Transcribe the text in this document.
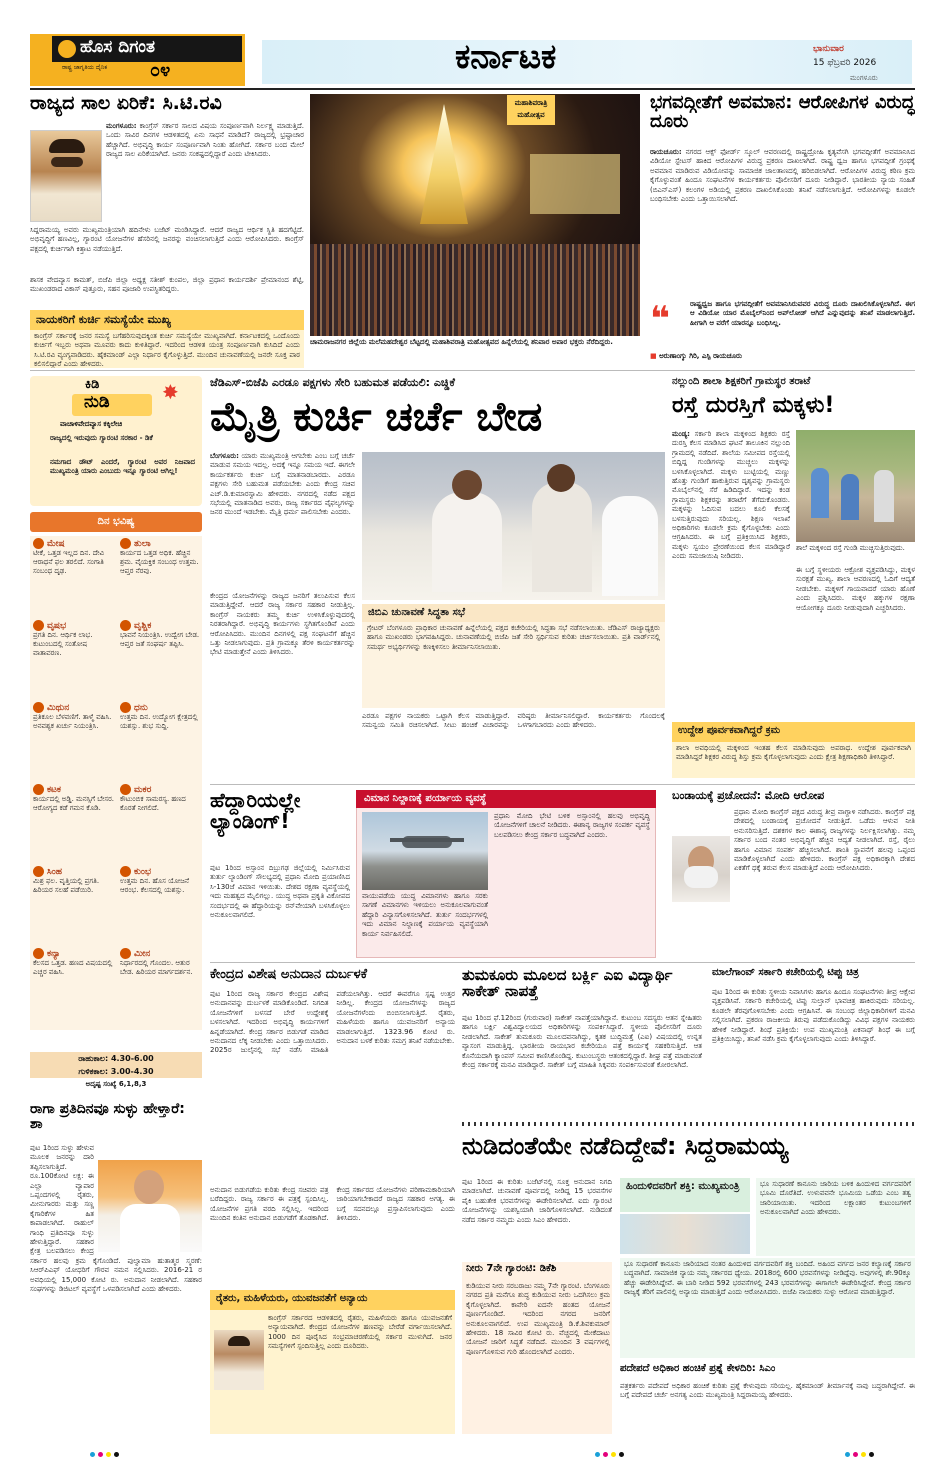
ಹೊಸ ದಿಗಂತ
ರಾಷ್ಟ್ರ ಜಾಗೃತಿಯ ದೈನಿಕ ೦೪	ಕರ್ನಾಟಕ	ಭಾನುವಾರ
15 ಫೆಬ್ರವರಿ 2026
ಮಂಗಳೂರು
ರಾಜ್ಯದ ಸಾಲ ಏರಿಕೆ: ಸಿ.ಟಿ.ರವಿ
ಮಂಗಳೂರು: ಕಾಂಗ್ರೆಸ್ ಸರ್ಕಾರ ಸಾಲದ ವಿಷಯ ಸಂಪೂರ್ಣವಾಗಿ ನಿರ್ಲಕ್ಷ್ಯ ಮಾಡುತ್ತಿದೆ. ಒಂದು ಸಾವಿರ ದಿನಗಳ ಆಡಳಿತದಲ್ಲಿ ಏನು ಸಾಧನೆ ಮಾಡಿದೆ? ರಾಜ್ಯದಲ್ಲಿ ಭ್ರಷ್ಟಾಚಾರ ಹೆಚ್ಚಾಗಿದೆ. ಅಭಿವೃದ್ಧಿ ಕಾರ್ಯ ಸಂಪೂರ್ಣವಾಗಿ ನಿಂತು ಹೋಗಿದೆ. ಸರ್ಕಾರ ಬಂದ ಮೇಲೆ ರಾಜ್ಯದ ಸಾಲ ಏರಿಕೆಯಾಗಿದೆ. ಜನರು ಸಂಕಷ್ಟದಲ್ಲಿದ್ದಾರೆ ಎಂದು ಟೀಕಿಸಿದರು.
ಸಿದ್ದರಾಮಯ್ಯ ಅವರು ಮುಖ್ಯಮಂತ್ರಿಯಾಗಿ ಹದಿನೇಳು ಬಜೆಟ್ ಮಂಡಿಸಿದ್ದಾರೆ. ಆದರೆ ರಾಜ್ಯದ ಆರ್ಥಿಕ ಸ್ಥಿತಿ ಹದಗೆಟ್ಟಿದೆ. ಅಭಿವೃದ್ಧಿಗೆ ಹಣವಿಲ್ಲ, ಗ್ಯಾರಂಟಿ ಯೋಜನೆಗಳ ಹೆಸರಿನಲ್ಲಿ ಜನರನ್ನು ವಂಚಿಸಲಾಗುತ್ತಿದೆ ಎಂದು ಆರೋಪಿಸಿದರು. ಕಾಂಗ್ರೆಸ್ ಪಕ್ಷದಲ್ಲಿ ಕುರ್ಚಿಗಾಗಿ ಕಿತ್ತಾಟ ನಡೆಯುತ್ತಿದೆ.
ಶಾಸಕ ವೇದವ್ಯಾಸ ಕಾಮತ್, ಬಿಜೆಪಿ ಜಿಲ್ಲಾ ಅಧ್ಯಕ್ಷ ಸತೀಶ್ ಕುಂಪಲ, ಜಿಲ್ಲಾ ಪ್ರಧಾನ ಕಾರ್ಯದರ್ಶಿ ಪ್ರೇಮಾನಂದ ಶೆಟ್ಟಿ, ಮುಖಂಡರಾದ ವಿಕಾಸ್ ಪುತ್ತೂರು, ಸಹನ ಪೂಜಾರಿ ಉಪಸ್ಥಿತರಿದ್ದರು.
ನಾಯಕರಿಗೆ ಕುರ್ಚಿ ಸಮಸ್ಯೆಯೇ ಮುಖ್ಯ
ಕಾಂಗ್ರೆಸ್ ಸರ್ಕಾರಕ್ಕೆ ಜನರ ಸಮಸ್ಯೆ ಬಗೆಹರಿಸುವುದಕ್ಕಿಂತ ಕುರ್ಚಿ ಸಮಸ್ಯೆಯೇ ಮುಖ್ಯವಾಗಿದೆ. ಕರ್ನಾಟಕದಲ್ಲಿ ಒಂದೊಂದು ಕುರ್ಚಿಗೆ ಇಬ್ಬರು ಅಥವಾ ಮೂವರು ಕಾದು ಕುಳಿತಿದ್ದಾರೆ. ಇದರಿಂದ ಆಡಳಿತ ಯಂತ್ರ ಸಂಪೂರ್ಣವಾಗಿ ಕುಸಿದಿದೆ ಎಂದು ಸಿ.ಟಿ.ರವಿ ವ್ಯಂಗ್ಯವಾಡಿದರು. ಹೈಕಮಾಂಡ್ ಎಲ್ಲಾ ನಿರ್ಧಾರ ಕೈಗೊಳ್ಳುತ್ತಿದೆ. ಮುಂದಿನ ಚುನಾವಣೆಯಲ್ಲಿ ಜನರೇ ಸೂಕ್ತ ಪಾಠ ಕಲಿಸಲಿದ್ದಾರೆ ಎಂದು ಹೇಳಿದರು.
ಮಹಾಶಿವರಾತ್ರಿ ಮಹೋತ್ಸವ
ಚಾಮರಾಜನಗರ ಜಿಲ್ಲೆಯ ಮಲೆಮಹದೇಶ್ವರ ಬೆಟ್ಟದಲ್ಲಿ ಮಹಾಶಿವರಾತ್ರಿ ಮಹೋತ್ಸವದ ಹಿನ್ನೆಲೆಯಲ್ಲಿ ಶನಿವಾರ ಅಪಾರ ಭಕ್ತರು ನೆರೆದಿದ್ದರು.
ಭಗವದ್ಗೀತೆಗೆ ಅವಮಾನ: ಆರೋಪಿಗಳ ವಿರುದ್ಧ ದೂರು
ರಾಯಚೂರು: ನಗರದ ಆಕ್ಸ್ ಫೋರ್ಡ್ ಸ್ಕೂಲ್ ಆವರಣದಲ್ಲಿ ರಾಷ್ಟ್ರದ್ರೋಹಿ ಕೃತ್ಯವೆಸಗಿ ಭಗವದ್ಗೀತೆಗೆ ಅವಮಾನಿಸಿದ ವಿಡಿಯೋ ಸ್ಟೇಟಸ್ ಹಾಕಿದ ಆರೋಪಿಗಳ ವಿರುದ್ಧ ಪ್ರಕರಣ ದಾಖಲಾಗಿದೆ. ರಾಷ್ಟ್ರ ಧ್ವಜ ಹಾಗೂ ಭಗವದ್ಗೀತೆ ಗ್ರಂಥಕ್ಕೆ ಅವಮಾನ ಮಾಡಿರುವ ವಿಡಿಯೋವನ್ನು ಸಾಮಾಜಿಕ ಜಾಲತಾಣದಲ್ಲಿ ಹರಿಬಿಡಲಾಗಿದೆ. ಆರೋಪಿಗಳ ವಿರುದ್ಧ ಕಠಿಣ ಕ್ರಮ ಕೈಗೊಳ್ಳುವಂತೆ ಹಿಂದೂ ಸಂಘಟನೆಗಳ ಕಾರ್ಯಕರ್ತರು ಪೊಲೀಸರಿಗೆ ದೂರು ನೀಡಿದ್ದಾರೆ. ಭಾರತೀಯ ನ್ಯಾಯ ಸಂಹಿತೆ (ಬಿಎನ್‌ಎಸ್) ಕಲಂಗಳ ಅಡಿಯಲ್ಲಿ ಪ್ರಕರಣ ದಾಖಲಿಸಿಕೊಂಡು ತನಿಖೆ ನಡೆಸಲಾಗುತ್ತಿದೆ. ಆರೋಪಿಗಳನ್ನು ಕೂಡಲೇ ಬಂಧಿಸಬೇಕು ಎಂದು ಒತ್ತಾಯಿಸಲಾಗಿದೆ.
❝	ರಾಷ್ಟ್ರಧ್ವಜ ಹಾಗೂ ಭಗವದ್ಗೀತೆಗೆ ಅವಮಾನಿಸಿರುವವರ ವಿರುದ್ಧ ದೂರು ದಾಖಲಿಸಿಕೊಳ್ಳಲಾಗಿದೆ. ಈಗ ಆ ವಿಡಿಯೋ ಯಾರ ಮೊಬೈಲ್‌ನಿಂದ ಅಪ್‌ಲೋಡ್ ಆಗಿದೆ ಎನ್ನುವುದನ್ನು ತನಿಖೆ ಮಾಡಲಾಗುತ್ತಿದೆ. ಹೀಗಾಗಿ ಆ ವರೆಗೆ ಯಾರನ್ನೂ ಬಂಧಿಸಿಲ್ಲ.
■ ಅರುಣಾಂಗ್ಶು ಗಿರಿ, ಎಸ್ಪಿ ರಾಯಚೂರು
ಕಿಡಿ
ನುಡಿ	✸
ವಾಚಾಳಿವೇದವ್ಯಾಸ ಕಕ್ಕಿಲೇಚಿ
ರಾಜ್ಯದಲ್ಲಿ ಇರುವುದು ಗ್ಯಾರಂಟಿ ಸರಕಾರ - ಡಿಕೆ
ನಮಗಾದ ಡೌಟ್ ಎಂದರೆ, ಗ್ಯಾರಂಟಿ ಅವರ ನಿಜವಾದ ಮುಖ್ಯಮಂತ್ರಿ ಯಾರು ಎಂಬುದು ಇನ್ನೂ ಗ್ಯಾರಂಟಿ ಆಗಿಲ್ಲ!
ದಿನ ಭವಿಷ್ಯ
ಮೇಷ
ಟೀಕೆ, ಒತ್ತಡ ಇಲ್ಲದ ದಿನ. ದೇವಿ ಆರಾಧನೆ ಫಲ ತರಲಿದೆ. ಸಂಗಾತಿ ಸಂಬಂಧ ದೃಢ.
ತುಲಾ
ಕಾರ್ಯದ ಒತ್ತಡ ಅಧಿಕ. ಹೆಚ್ಚಿನ ಶ್ರಮ. ವೈಯಕ್ತಿಕ ಸಂಬಂಧ ಉತ್ತಮ. ಆಪ್ತರ ನೆರವು.
ವೃಷಭ
ಪ್ರಗತಿ ದಿನ. ಆರ್ಥಿಕ ಲಾಭ. ಕುಟುಂಬದಲ್ಲಿ ಸಂತೋಷ ವಾತಾವರಣ.
ವೃಶ್ಚಿಕ
ಭಾವನೆ ನಿಯಂತ್ರಿಸಿ. ಉದ್ವೇಗ ಬೇಡ. ಆಪ್ತರ ಜತೆ ಸಂಘರ್ಷ ತಪ್ಪಿಸಿ.
ಮಿಥುನ
ಪ್ರತಿಕೂಲ ಬೆಳವಣಿಗೆ. ತಾಳ್ಮೆ ವಹಿಸಿ. ಅನವಶ್ಯಕ ಖರ್ಚು ನಿಯಂತ್ರಿಸಿ.
ಧನು
ಉತ್ತಮ ದಿನ. ಉದ್ಯೋಗ ಕ್ಷೇತ್ರದಲ್ಲಿ ಯಶಸ್ಸು. ಶುಭ ಸುದ್ದಿ.
ಕಟಕ
ಕಾರ್ಯದಲ್ಲಿ ಅಡ್ಡಿ. ಮನಸ್ಸಿಗೆ ಬೇಸರ. ಆರೋಗ್ಯದ ಕಡೆ ಗಮನ ಕೊಡಿ.
ಮಕರ
ಕೌಟುಂಬಿಕ ಸಾಮರಸ್ಯ. ಹಣದ ಕೊರತೆ ನೀಗಲಿದೆ.
ಸಿಂಹ
ಮಿಶ್ರ ಫಲ. ವೃತ್ತಿಯಲ್ಲಿ ಪ್ರಗತಿ. ಹಿರಿಯರ ಸಲಹೆ ಪಡೆಯಿರಿ.
ಕುಂಭ
ಉತ್ತಮ ದಿನ. ಹೊಸ ಯೋಜನೆ ಆರಂಭ. ಕೆಲಸದಲ್ಲಿ ಯಶಸ್ಸು.
ಕನ್ಯಾ
ಕೆಲಸದ ಒತ್ತಡ. ಹಣದ ವಿಷಯದಲ್ಲಿ ಎಚ್ಚರ ವಹಿಸಿ.
ಮೀನ
ನಿರ್ಧಾರದಲ್ಲಿ ಗೊಂದಲ. ಆತುರ ಬೇಡ. ಹಿರಿಯರ ಮಾರ್ಗದರ್ಶನ.
ರಾಹುಕಾಲ: 4.30-6.00
ಗುಳಿಕಕಾಲ: 3.00-4.30
ಅದೃಷ್ಟ ಸಂಖ್ಯೆ 6,1,8,3
ಜೆಡಿಎಸ್-ಬಿಜೆಪಿ ಎರಡೂ ಪಕ್ಷಗಳು ಸೇರಿ ಬಹುಮತ ಪಡೆಯಲಿ: ಎಚ್ಡಿಕೆ
ಮೈತ್ರಿ ಕುರ್ಚಿ ಚರ್ಚೆ ಬೇಡ
ಬೆಂಗಳೂರು: ಯಾರು ಮುಖ್ಯಮಂತ್ರಿ ಆಗಬೇಕು ಎಂಬ ಬಗ್ಗೆ ಚರ್ಚೆ ಮಾಡುವ ಸಮಯ ಇದಲ್ಲ. ಅದಕ್ಕೆ ಇನ್ನೂ ಸಮಯ ಇದೆ. ಈಗಲೇ ಕಾರ್ಯಕರ್ತರು ಕುರ್ಚಿ ಬಗ್ಗೆ ಮಾತನಾಡಬಾರದು. ಎರಡೂ ಪಕ್ಷಗಳು ಸೇರಿ ಬಹುಮತ ಪಡೆಯಬೇಕು ಎಂದು ಕೇಂದ್ರ ಸಚಿವ ಎಚ್.ಡಿ.ಕುಮಾರಸ್ವಾಮಿ ಹೇಳಿದರು. ನಗರದಲ್ಲಿ ನಡೆದ ಪಕ್ಷದ ಸಭೆಯಲ್ಲಿ ಮಾತನಾಡಿದ ಅವರು, ರಾಜ್ಯ ಸರ್ಕಾರದ ವೈಫಲ್ಯಗಳನ್ನು ಜನರ ಮುಂದೆ ಇಡಬೇಕು. ಮೈತ್ರಿ ಧರ್ಮ ಪಾಲಿಸಬೇಕು ಎಂದರು.
ಕೇಂದ್ರದ ಯೋಜನೆಗಳನ್ನು ರಾಜ್ಯದ ಜನರಿಗೆ ತಲುಪಿಸುವ ಕೆಲಸ ಮಾಡುತ್ತಿದ್ದೇವೆ. ಆದರೆ ರಾಜ್ಯ ಸರ್ಕಾರ ಸಹಕಾರ ನೀಡುತ್ತಿಲ್ಲ. ಕಾಂಗ್ರೆಸ್ ನಾಯಕರು ತಮ್ಮ ಕುರ್ಚಿ ಉಳಿಸಿಕೊಳ್ಳುವುದರಲ್ಲಿ ನಿರತರಾಗಿದ್ದಾರೆ. ಅಭಿವೃದ್ಧಿ ಕಾರ್ಯಗಳು ಸ್ಥಗಿತಗೊಂಡಿವೆ ಎಂದು ಆರೋಪಿಸಿದರು. ಮುಂದಿನ ದಿನಗಳಲ್ಲಿ ಪಕ್ಷ ಸಂಘಟನೆಗೆ ಹೆಚ್ಚಿನ ಒತ್ತು ನೀಡಲಾಗುವುದು. ಪ್ರತಿ ಗ್ರಾಮಕ್ಕೂ ತೆರಳಿ ಕಾರ್ಯಕರ್ತರನ್ನು ಭೇಟಿ ಮಾಡುತ್ತೇನೆ ಎಂದು ತಿಳಿಸಿದರು.
ಜಿಬಿಎ ಚುನಾವಣೆ ಸಿದ್ಧತಾ ಸಭೆ
ಗ್ರೇಟರ್ ಬೆಂಗಳೂರು ಪ್ರಾಧಿಕಾರ ಚುನಾವಣೆ ಹಿನ್ನೆಲೆಯಲ್ಲಿ ಪಕ್ಷದ ಕಚೇರಿಯಲ್ಲಿ ಸಿದ್ಧತಾ ಸಭೆ ನಡೆಸಲಾಯಿತು. ಜೆಡಿಎಸ್ ರಾಜ್ಯಾಧ್ಯಕ್ಷರು ಹಾಗೂ ಮುಖಂಡರು ಭಾಗವಹಿಸಿದ್ದರು. ಚುನಾವಣೆಯಲ್ಲಿ ಬಿಜೆಪಿ ಜತೆ ಸೇರಿ ಸ್ಪರ್ಧಿಸುವ ಕುರಿತು ಚರ್ಚಿಸಲಾಯಿತು. ಪ್ರತಿ ವಾರ್ಡ್‌ನಲ್ಲಿ ಸಮರ್ಥ ಅಭ್ಯರ್ಥಿಗಳನ್ನು ಕಣಕ್ಕಿಳಿಸಲು ತೀರ್ಮಾನಿಸಲಾಯಿತು.
ಎರಡೂ ಪಕ್ಷಗಳ ನಾಯಕರು ಒಟ್ಟಾಗಿ ಕೆಲಸ ಮಾಡುತ್ತಿದ್ದಾರೆ. ಸಮನ್ವಯ ಸಮಿತಿ ರಚಿಸಲಾಗಿದೆ. ಸೀಟು ಹಂಚಿಕೆ ವಿಚಾರವನ್ನು ವರಿಷ್ಠರು ತೀರ್ಮಾನಿಸಲಿದ್ದಾರೆ. ಕಾರ್ಯಕರ್ತರು ಗೊಂದಲಕ್ಕೆ ಒಳಗಾಗಬಾರದು ಎಂದು ಹೇಳಿದರು.
ನಲ್ಲುಂದಿ ಶಾಲಾ ಶಿಕ್ಷಕರಿಗೆ ಗ್ರಾಮಸ್ಥರ ತರಾಟೆ
ರಸ್ತೆ ದುರಸ್ತಿಗೆ ಮಕ್ಕಳು!
ಮಂಡ್ಯ: ಸರ್ಕಾರಿ ಶಾಲಾ ಮಕ್ಕಳಿಂದ ಶಿಕ್ಷಕರು ರಸ್ತೆ ದುರಸ್ತಿ ಕೆಲಸ ಮಾಡಿಸಿದ ಘಟನೆ ತಾಲೂಕಿನ ನಲ್ಲುಂದಿ ಗ್ರಾಮದಲ್ಲಿ ನಡೆದಿದೆ. ಶಾಲೆಯ ಸಮೀಪದ ರಸ್ತೆಯಲ್ಲಿ ಬಿದ್ದಿದ್ದ ಗುಂಡಿಗಳನ್ನು ಮುಚ್ಚಲು ಮಕ್ಕಳನ್ನು ಬಳಸಿಕೊಳ್ಳಲಾಗಿದೆ. ಮಕ್ಕಳು ಬುಟ್ಟಿಯಲ್ಲಿ ಮಣ್ಣು ಹೊತ್ತು ಗುಂಡಿಗೆ ಹಾಕುತ್ತಿರುವ ದೃಶ್ಯವನ್ನು ಗ್ರಾಮಸ್ಥರು ಮೊಬೈಲ್‌ನಲ್ಲಿ ಸೆರೆ ಹಿಡಿದಿದ್ದಾರೆ. ಇದನ್ನು ಕಂಡ ಗ್ರಾಮಸ್ಥರು ಶಿಕ್ಷಕರನ್ನು ತರಾಟೆಗೆ ತೆಗೆದುಕೊಂಡರು. ಮಕ್ಕಳನ್ನು ಓದಿಸುವ ಬದಲು ಕೂಲಿ ಕೆಲಸಕ್ಕೆ ಬಳಸುತ್ತಿರುವುದು ಸರಿಯಲ್ಲ. ಶಿಕ್ಷಣ ಇಲಾಖೆ ಅಧಿಕಾರಿಗಳು ಕೂಡಲೇ ಕ್ರಮ ಕೈಗೊಳ್ಳಬೇಕು ಎಂದು ಆಗ್ರಹಿಸಿದರು. ಈ ಬಗ್ಗೆ ಪ್ರತಿಕ್ರಿಯಿಸಿದ ಶಿಕ್ಷಕರು, ಮಕ್ಕಳು ಸ್ವಯಂ ಪ್ರೇರಣೆಯಿಂದ ಕೆಲಸ ಮಾಡಿದ್ದಾರೆ ಎಂದು ಸಮಜಾಯಿಷಿ ನೀಡಿದರು.
ಶಾಲೆ ಮಕ್ಕಳಿಂದ ರಸ್ತೆ ಗುಂಡಿ ಮುಚ್ಚಿಸುತ್ತಿರುವುದು.
ಈ ಬಗ್ಗೆ ಸ್ಥಳೀಯರು ಆಕ್ರೋಶ ವ್ಯಕ್ತಪಡಿಸಿದ್ದು, ಮಕ್ಕಳ ಸುರಕ್ಷತೆ ಮುಖ್ಯ. ಶಾಲಾ ಆವರಣದಲ್ಲಿ ಓದಿಗೆ ಆದ್ಯತೆ ನೀಡಬೇಕು. ಮಕ್ಕಳಿಗೆ ಗಾಯವಾದರೆ ಯಾರು ಹೊಣೆ ಎಂದು ಪ್ರಶ್ನಿಸಿದರು. ಮಕ್ಕಳ ಹಕ್ಕುಗಳ ರಕ್ಷಣಾ ಆಯೋಗಕ್ಕೂ ದೂರು ನೀಡುವುದಾಗಿ ಎಚ್ಚರಿಸಿದರು.
ಉದ್ದೇಶ ಪೂರ್ವಕವಾಗಿದ್ದರೆ ಕ್ರಮ
ಶಾಲಾ ಅವಧಿಯಲ್ಲಿ ಮಕ್ಕಳಿಂದ ಇಂತಹ ಕೆಲಸ ಮಾಡಿಸುವುದು ಅಪರಾಧ. ಉದ್ದೇಶ ಪೂರ್ವಕವಾಗಿ ಮಾಡಿಸಿದ್ದರೆ ಶಿಕ್ಷಕರ ವಿರುದ್ಧ ಶಿಸ್ತು ಕ್ರಮ ಕೈಗೊಳ್ಳಲಾಗುವುದು ಎಂದು ಕ್ಷೇತ್ರ ಶಿಕ್ಷಣಾಧಿಕಾರಿ ತಿಳಿಸಿದ್ದಾರೆ.
ಹೆದ್ದಾರಿಯಲ್ಲೇ ಲ್ಯಾಂಡಿಂಗ್!
ಪುಟ 1ರಿಂದ ಅಸ್ಸಾಂನ ದಿಬ್ರುಗಢ ಜಿಲ್ಲೆಯಲ್ಲಿ ನಿರ್ಮಿಸಿರುವ ತುರ್ತು ಲ್ಯಾಂಡಿಂಗ್ ಸೌಲಭ್ಯದಲ್ಲಿ ಪ್ರಧಾನಿ ಮೋದಿ ಪ್ರಯಾಣಿಸಿದ ಸಿ-130ಜೆ ವಿಮಾನ ಇಳಿಯಿತು. ದೇಶದ ರಕ್ಷಣಾ ವ್ಯವಸ್ಥೆಯಲ್ಲಿ ಇದು ಮಹತ್ವದ ಮೈಲಿಗಲ್ಲು. ಯುದ್ಧ ಅಥವಾ ಪ್ರಕೃತಿ ವಿಕೋಪದ ಸಂದರ್ಭದಲ್ಲಿ ಈ ಹೆದ್ದಾರಿಯನ್ನು ರನ್‌ವೇಯಾಗಿ ಬಳಸಿಕೊಳ್ಳಲು ಅನುಕೂಲವಾಗಲಿದೆ.
ವಿಮಾನ ನಿಲ್ದಾಣಕ್ಕೆ ಪರ್ಯಾಯ ವ್ಯವಸ್ಥೆ
ವಾಯುಪಡೆಯ ಯುದ್ಧ ವಿಮಾನಗಳು ಹಾಗೂ ಸರಕು ಸಾಗಣೆ ವಿಮಾನಗಳು ಇಳಿಯಲು ಅನುಕೂಲವಾಗುವಂತೆ ಹೆದ್ದಾರಿ ವಿನ್ಯಾಸಗೊಳಿಸಲಾಗಿದೆ. ತುರ್ತು ಸಂದರ್ಭಗಳಲ್ಲಿ ಇದು ವಿಮಾನ ನಿಲ್ದಾಣಕ್ಕೆ ಪರ್ಯಾಯ ವ್ಯವಸ್ಥೆಯಾಗಿ ಕಾರ್ಯ ನಿರ್ವಹಿಸಲಿದೆ.
ಪ್ರಧಾನಿ ಮೋದಿ ಭೇಟಿ ಬಳಿಕ ಅಸ್ಸಾಂನಲ್ಲಿ ಹಲವು ಅಭಿವೃದ್ಧಿ ಯೋಜನೆಗಳಿಗೆ ಚಾಲನೆ ನೀಡಿದರು. ಈಶಾನ್ಯ ರಾಜ್ಯಗಳ ಸಂಪರ್ಕ ವ್ಯವಸ್ಥೆ ಬಲಪಡಿಸಲು ಕೇಂದ್ರ ಸರ್ಕಾರ ಬದ್ಧವಾಗಿದೆ ಎಂದರು.
ಬಂಡಾಯಕ್ಕೆ ಪ್ರಚೋದನೆ: ಮೋದಿ ಆರೋಪ
ಪ್ರಧಾನಿ ಮೋದಿ ಕಾಂಗ್ರೆಸ್ ಪಕ್ಷದ ವಿರುದ್ಧ ತೀವ್ರ ವಾಗ್ದಾಳಿ ನಡೆಸಿದರು. ಕಾಂಗ್ರೆಸ್ ಪಕ್ಷ ದೇಶದಲ್ಲಿ ಬಂಡಾಯಕ್ಕೆ ಪ್ರಚೋದನೆ ನೀಡುತ್ತಿದೆ. ಒಡೆದು ಆಳುವ ನೀತಿ ಅನುಸರಿಸುತ್ತಿದೆ. ದಶಕಗಳ ಕಾಲ ಈಶಾನ್ಯ ರಾಜ್ಯಗಳನ್ನು ನಿರ್ಲಕ್ಷಿಸಲಾಗಿತ್ತು. ನಮ್ಮ ಸರ್ಕಾರ ಬಂದ ನಂತರ ಅಭಿವೃದ್ಧಿಗೆ ಹೆಚ್ಚಿನ ಆದ್ಯತೆ ನೀಡಲಾಗಿದೆ. ರಸ್ತೆ, ರೈಲು ಹಾಗೂ ವಿಮಾನ ಸಂಪರ್ಕ ಹೆಚ್ಚಿಸಲಾಗಿದೆ. ಶಾಂತಿ ಸ್ಥಾಪನೆಗೆ ಹಲವು ಒಪ್ಪಂದ ಮಾಡಿಕೊಳ್ಳಲಾಗಿದೆ ಎಂದು ಹೇಳಿದರು. ಕಾಂಗ್ರೆಸ್ ಪಕ್ಷ ಅಧಿಕಾರಕ್ಕಾಗಿ ದೇಶದ ಏಕತೆಗೆ ಧಕ್ಕೆ ತರುವ ಕೆಲಸ ಮಾಡುತ್ತಿದೆ ಎಂದು ಆರೋಪಿಸಿದರು.
ಕೇಂದ್ರದ ವಿಶೇಷ ಅನುದಾನ ದುರ್ಬಳಕೆ
ಪುಟ 1ರಿಂದ ರಾಜ್ಯ ಸರ್ಕಾರ ಕೇಂದ್ರದ ವಿಶೇಷ ಅನುದಾನವನ್ನು ದುರ್ಬಳಕೆ ಮಾಡಿಕೊಂಡಿದೆ. ನಿಗದಿತ ಯೋಜನೆಗಳಿಗೆ ಬಳಸದೆ ಬೇರೆ ಉದ್ದೇಶಕ್ಕೆ ಬಳಸಲಾಗಿದೆ. ಇದರಿಂದ ಅಭಿವೃದ್ಧಿ ಕಾರ್ಯಗಳಿಗೆ ಹಿನ್ನಡೆಯಾಗಿದೆ. ಕೇಂದ್ರ ಸರ್ಕಾರ ಬಿಡುಗಡೆ ಮಾಡಿದ ಅನುದಾನದ ಲೆಕ್ಕ ನೀಡಬೇಕು ಎಂದು ಒತ್ತಾಯಿಸಿದರು. 2025ರ ಜುಲೈನಲ್ಲಿ ಸಭೆ ನಡೆಸಿ ಮಾಹಿತಿ ಪಡೆಯಲಾಗಿತ್ತು. ಆದರೆ ಈವರೆಗೂ ಸ್ಪಷ್ಟ ಉತ್ತರ ನೀಡಿಲ್ಲ. ಕೇಂದ್ರದ ಯೋಜನೆಗಳನ್ನು ರಾಜ್ಯದ ಯೋಜನೆಗಳೆಂದು ಬಿಂಬಿಸಲಾಗುತ್ತಿದೆ. ರೈತರು, ಮಹಿಳೆಯರು ಹಾಗೂ ಯುವಜನರಿಗೆ ಅನ್ಯಾಯ ಮಾಡಲಾಗುತ್ತಿದೆ. 1323.96 ಕೋಟಿ ರು. ಅನುದಾನ ಬಳಕೆ ಕುರಿತು ಸಮಗ್ರ ತನಿಖೆ ನಡೆಯಬೇಕು.
ರೈತರು, ಮಹಿಳೆಯರು, ಯುವಜನತೆಗೆ ಅನ್ಯಾಯ
ಕಾಂಗ್ರೆಸ್ ಸರ್ಕಾರದ ಆಡಳಿತದಲ್ಲಿ ರೈತರು, ಮಹಿಳೆಯರು ಹಾಗೂ ಯುವಜನತೆಗೆ ಅನ್ಯಾಯವಾಗಿದೆ. ಕೇಂದ್ರದ ಯೋಜನೆಗಳ ಹಣವನ್ನು ಬೇರೆಡೆ ವರ್ಗಾಯಿಸಲಾಗಿದೆ. 1000 ದಿನ ಪೂರೈಸಿದ ಸಂಭ್ರಮಾಚರಣೆಯಲ್ಲಿ ಸರ್ಕಾರ ಮುಳುಗಿದೆ. ಜನರ ಸಮಸ್ಯೆಗಳಿಗೆ ಸ್ಪಂದಿಸುತ್ತಿಲ್ಲ ಎಂದು ದೂರಿದರು.
ಅನುದಾನ ಬಿಡುಗಡೆಯ ಕುರಿತು ಕೇಂದ್ರ ಸಚಿವರು ಪತ್ರ ಬರೆದಿದ್ದರು. ರಾಜ್ಯ ಸರ್ಕಾರ ಈ ಪತ್ರಕ್ಕೆ ಸ್ಪಂದಿಸಿಲ್ಲ. ಯೋಜನೆಗಳ ಪ್ರಗತಿ ವರದಿ ಸಲ್ಲಿಸಿಲ್ಲ. ಇದರಿಂದ ಮುಂದಿನ ಕಂತಿನ ಅನುದಾನ ಬಿಡುಗಡೆಗೆ ತೊಡಕಾಗಿದೆ. ಕೇಂದ್ರ ಸರ್ಕಾರದ ಯೋಜನೆಗಳು ಪರಿಣಾಮಕಾರಿಯಾಗಿ ಜಾರಿಯಾಗಬೇಕಾದರೆ ರಾಜ್ಯದ ಸಹಕಾರ ಅಗತ್ಯ. ಈ ಬಗ್ಗೆ ಸದನದಲ್ಲೂ ಪ್ರಸ್ತಾಪಿಸಲಾಗುವುದು ಎಂದು ತಿಳಿಸಿದರು.
ತುಮಕೂರು ಮೂಲದ ಬರ್ಕ್ಲಿ ಎಐ ವಿದ್ಯಾರ್ಥಿ ಸಾಕೇತ್ ನಾಪತ್ತೆ
ಪುಟ 1ರಿಂದ ಫೆ.12ರಿಂದ (ಗುರುವಾರ) ಸಾಕೇತ್ ನಾಪತ್ತೆಯಾಗಿದ್ದಾನೆ. ಕುಟುಂಬ ಸದಸ್ಯರು ಆತನ ಸ್ನೇಹಿತರು ಹಾಗೂ ಬರ್ಕ್ಲಿ ವಿಶ್ವವಿದ್ಯಾಲಯದ ಅಧಿಕಾರಿಗಳನ್ನು ಸಂಪರ್ಕಿಸಿದ್ದಾರೆ. ಸ್ಥಳೀಯ ಪೊಲೀಸರಿಗೆ ದೂರು ನೀಡಲಾಗಿದೆ. ಸಾಕೇತ್ ತುಮಕೂರು ಮೂಲದವನಾಗಿದ್ದು, ಕೃತಕ ಬುದ್ಧಿಮತ್ತೆ (ಎಐ) ವಿಷಯದಲ್ಲಿ ಉನ್ನತ ವ್ಯಾಸಂಗ ಮಾಡುತ್ತಿದ್ದ. ಭಾರತೀಯ ರಾಯಭಾರ ಕಚೇರಿಯೂ ಪತ್ತೆ ಕಾರ್ಯಕ್ಕೆ ಸಹಕರಿಸುತ್ತಿದೆ. ಆತ ಕೊನೆಯದಾಗಿ ಕ್ಯಾಂಪಸ್ ಸಮೀಪ ಕಾಣಿಸಿಕೊಂಡಿದ್ದ. ಕುಟುಂಬಸ್ಥರು ಆತಂಕದಲ್ಲಿದ್ದಾರೆ. ಶೀಘ್ರ ಪತ್ತೆ ಮಾಡುವಂತೆ ಕೇಂದ್ರ ಸರ್ಕಾರಕ್ಕೆ ಮನವಿ ಮಾಡಿದ್ದಾರೆ. ಸಾಕೇತ್ ಬಗ್ಗೆ ಮಾಹಿತಿ ಸಿಕ್ಕವರು ಸಂಪರ್ಕಿಸುವಂತೆ ಕೋರಲಾಗಿದೆ.
ಮಾಲೆಗಾಂವ್ ಸರ್ಕಾರಿ ಕಚೇರಿಯಲ್ಲಿ ಟಿಪ್ಪು ಚಿತ್ರ
ಪುಟ 1ರಿಂದ ಈ ಕುರಿತು ಸ್ಥಳೀಯ ನಿವಾಸಿಗಳು ಹಾಗೂ ಹಿಂದೂ ಸಂಘಟನೆಗಳು ತೀವ್ರ ಆಕ್ಷೇಪ ವ್ಯಕ್ತಪಡಿಸಿವೆ. ಸರ್ಕಾರಿ ಕಚೇರಿಯಲ್ಲಿ ಟಿಪ್ಪು ಸುಲ್ತಾನ್ ಭಾವಚಿತ್ರ ಹಾಕಿರುವುದು ಸರಿಯಲ್ಲ. ಕೂಡಲೇ ತೆರವುಗೊಳಿಸಬೇಕು ಎಂದು ಆಗ್ರಹಿಸಿವೆ. ಈ ಸಂಬಂಧ ಜಿಲ್ಲಾಧಿಕಾರಿಗಳಿಗೆ ಮನವಿ ಸಲ್ಲಿಸಲಾಗಿದೆ. ಪ್ರಕರಣ ರಾಜಕೀಯ ತಿರುವು ಪಡೆದುಕೊಂಡಿದ್ದು ವಿವಿಧ ಪಕ್ಷಗಳ ನಾಯಕರು ಹೇಳಿಕೆ ನೀಡಿದ್ದಾರೆ. ಶಿಂಧೆ ಪ್ರತಿಕ್ರಿಯೆ: ಉಪ ಮುಖ್ಯಮಂತ್ರಿ ಏಕನಾಥ್ ಶಿಂಧೆ ಈ ಬಗ್ಗೆ ಪ್ರತಿಕ್ರಿಯಿಸಿದ್ದು, ತನಿಖೆ ನಡೆಸಿ ಕ್ರಮ ಕೈಗೊಳ್ಳಲಾಗುವುದು ಎಂದು ತಿಳಿಸಿದ್ದಾರೆ.
ರಾಗಾ ಪ್ರತಿದಿನವೂ ಸುಳ್ಳು ಹೇಳ್ತಾರೆ: ಶಾ
ಪುಟ 1ರಿಂದ ಸುಳ್ಳು ಹೇಳುವ ಮೂಲಕ ಜನರನ್ನು ದಾರಿ ತಪ್ಪಿಸಲಾಗುತ್ತಿದೆ. ರೂ.100ಕೋಟಿ ಲಕ್ಷ: ಈ ಎಲ್ಲಾ ವ್ಯಾಪಾರ ಒಪ್ಪಂದಗಳಲ್ಲಿ ರೈತರು, ಮೀನುಗಾರರು ಮತ್ತು ಸಣ್ಣ ಕೈಗಾರಿಕೆಗಳ ಹಿತ ಕಾಪಾಡಲಾಗಿದೆ. ರಾಹುಲ್ ಗಾಂಧಿ ಪ್ರತಿದಿನವೂ ಸುಳ್ಳು ಹೇಳುತ್ತಿದ್ದಾರೆ. ಸಹಕಾರ ಕ್ಷೇತ್ರ ಬಲಪಡಿಸಲು ಕೇಂದ್ರ ಸರ್ಕಾರ ಹಲವು ಕ್ರಮ ಕೈಗೊಂಡಿದೆ. ಪುಲ್ವಾಮಾ ಹುತಾತ್ಮರ ಸ್ಮರಣೆ: ಸಿಆರ್‌ಪಿಎಫ್ ಯೋಧರಿಗೆ ಗೌರವ ನಮನ ಸಲ್ಲಿಸಿದರು. 2016-21 ರ ಅವಧಿಯಲ್ಲಿ 15,000 ಕೋಟಿ ರು. ಅನುದಾನ ನೀಡಲಾಗಿದೆ. ಸಹಕಾರ ಸಂಘಗಳನ್ನು ಡಿಜಿಟಲ್ ವ್ಯವಸ್ಥೆಗೆ ಒಳಪಡಿಸಲಾಗಿದೆ ಎಂದು ಹೇಳಿದರು.
ನುಡಿದಂತೆಯೇ ನಡೆದಿದ್ದೇವೆ: ಸಿದ್ದರಾಮಯ್ಯ
ಪುಟ 1ರಿಂದ ಈ ಕುರಿತು ಬಜೆಟ್‌ನಲ್ಲಿ ಸೂಕ್ತ ಅನುದಾನ ನಿಗದಿ ಮಾಡಲಾಗಿದೆ. ಚುನಾವಣೆ ಪೂರ್ವದಲ್ಲಿ ನೀಡಿದ್ದ 15 ಭರವಸೆಗಳ ಪೈಕಿ ಬಹುತೇಕ ಭರವಸೆಗಳನ್ನು ಈಡೇರಿಸಲಾಗಿದೆ. ಐದು ಗ್ಯಾರಂಟಿ ಯೋಜನೆಗಳನ್ನು ಯಶಸ್ವಿಯಾಗಿ ಜಾರಿಗೊಳಿಸಲಾಗಿದೆ. ನುಡಿದಂತೆ ನಡೆದ ಸರ್ಕಾರ ನಮ್ಮದು ಎಂದು ಸಿಎಂ ಹೇಳಿದರು.
ನೀರು 7ನೇ ಗ್ಯಾರಂಟಿ: ಡಿಕೆಶಿ
ಕುಡಿಯುವ ನೀರು ಸರಬರಾಜು ನಮ್ಮ 7ನೇ ಗ್ಯಾರಂಟಿ. ಬೆಂಗಳೂರು ನಗರದ ಪ್ರತಿ ಮನೆಗೂ ಶುದ್ಧ ಕುಡಿಯುವ ನೀರು ಒದಗಿಸಲು ಕ್ರಮ ಕೈಗೊಳ್ಳಲಾಗಿದೆ. ಕಾವೇರಿ ಐದನೇ ಹಂತದ ಯೋಜನೆ ಪೂರ್ಣಗೊಂಡಿದೆ. ಇದರಿಂದ ನಗರದ ಜನರಿಗೆ ಅನುಕೂಲವಾಗಲಿದೆ. ಉಪ ಮುಖ್ಯಮಂತ್ರಿ ಡಿ.ಕೆ.ಶಿವಕುಮಾರ್ ಹೇಳಿದರು. 18 ಸಾವಿರ ಕೋಟಿ ರು. ವೆಚ್ಚದಲ್ಲಿ ಮೇಕೆದಾಟು ಯೋಜನೆ ಜಾರಿಗೆ ಸಿದ್ಧತೆ ನಡೆದಿದೆ. ಮುಂದಿನ 3 ವರ್ಷಗಳಲ್ಲಿ ಪೂರ್ಣಗೊಳಿಸುವ ಗುರಿ ಹೊಂದಲಾಗಿದೆ ಎಂದರು.
ಹಿಂದುಳಿದವರಿಗೆ ಶಕ್ತಿ: ಮುಖ್ಯಮಂತ್ರಿ
ಭೂ ಸುಧಾರಣೆ ಕಾನೂನು ಜಾರಿಯಾದ ನಂತರ ಹಿಂದುಳಿದ ವರ್ಗದವರಿಗೆ ಶಕ್ತಿ ಬಂದಿದೆ. ಅಹಿಂದ ವರ್ಗದ ಜನರ ಕಲ್ಯಾಣಕ್ಕೆ ಸರ್ಕಾರ ಬದ್ಧವಾಗಿದೆ. ಸಾಮಾಜಿಕ ನ್ಯಾಯ ನಮ್ಮ ಸರ್ಕಾರದ ಧ್ಯೇಯ. 2018ರಲ್ಲಿ 600 ಭರವಸೆಗಳನ್ನು ನೀಡಿದ್ದೆವು. ಅವುಗಳಲ್ಲಿ ಶೇ.90ಕ್ಕೂ ಹೆಚ್ಚು ಈಡೇರಿಸಿದ್ದೇವೆ. ಈ ಬಾರಿ ನೀಡಿದ 592 ಭರವಸೆಗಳಲ್ಲಿ 243 ಭರವಸೆಗಳನ್ನು ಈಗಾಗಲೇ ಈಡೇರಿಸಿದ್ದೇವೆ. ಕೇಂದ್ರ ಸರ್ಕಾರ ರಾಜ್ಯಕ್ಕೆ ತೆರಿಗೆ ಪಾಲಿನಲ್ಲಿ ಅನ್ಯಾಯ ಮಾಡುತ್ತಿದೆ ಎಂದು ಆರೋಪಿಸಿದರು. ಬಿಜೆಪಿ ನಾಯಕರು ಸುಳ್ಳು ಆರೋಪ ಮಾಡುತ್ತಿದ್ದಾರೆ.
ಭೂ ಸುಧಾರಣೆ ಕಾನೂನು ಜಾರಿಯ ಬಳಿಕ ಹಿಂದುಳಿದ ವರ್ಗದವರಿಗೆ ಭೂಮಿ ದೊರೆತಿದೆ. ಉಳುವವನೇ ಭೂಮಿಯ ಒಡೆಯ ಎಂಬ ತತ್ವ ಜಾರಿಯಾಯಿತು. ಇದರಿಂದ ಲಕ್ಷಾಂತರ ಕುಟುಂಬಗಳಿಗೆ ಅನುಕೂಲವಾಗಿದೆ ಎಂದು ಹೇಳಿದರು.
ಪದೇಪದೆ ಅಧಿಕಾರ ಹಂಚಿಕೆ ಪ್ರಶ್ನೆ ಕೇಳದಿರಿ: ಸಿಎಂ
ಪತ್ರಕರ್ತರು ಪದೇಪದೆ ಅಧಿಕಾರ ಹಂಚಿಕೆ ಕುರಿತು ಪ್ರಶ್ನೆ ಕೇಳುವುದು ಸರಿಯಲ್ಲ. ಹೈಕಮಾಂಡ್ ತೀರ್ಮಾನಕ್ಕೆ ನಾವು ಬದ್ಧರಾಗಿದ್ದೇವೆ. ಈ ಬಗ್ಗೆ ಪದೇಪದೆ ಚರ್ಚೆ ಅನಗತ್ಯ ಎಂದು ಮುಖ್ಯಮಂತ್ರಿ ಸಿದ್ದರಾಮಯ್ಯ ಹೇಳಿದರು.
